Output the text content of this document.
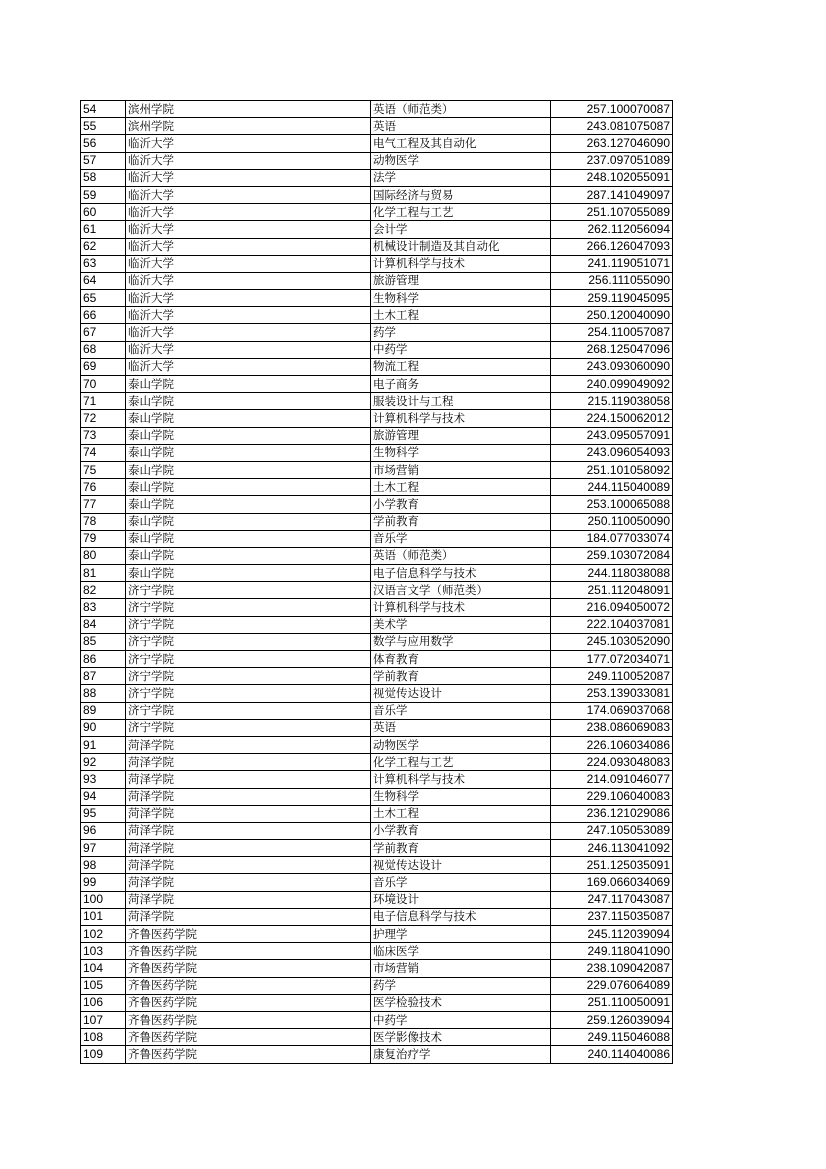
54	滨州学院	英语（师范类）	257.100070087
55	滨州学院	英语	243.081075087
56	临沂大学	电气工程及其自动化	263.127046090
57	临沂大学	动物医学	237.097051089
58	临沂大学	法学	248.102055091
59	临沂大学	国际经济与贸易	287.141049097
60	临沂大学	化学工程与工艺	251.107055089
61	临沂大学	会计学	262.112056094
62	临沂大学	机械设计制造及其自动化	266.126047093
63	临沂大学	计算机科学与技术	241.119051071
64	临沂大学	旅游管理	256.111055090
65	临沂大学	生物科学	259.119045095
66	临沂大学	土木工程	250.120040090
67	临沂大学	药学	254.110057087
68	临沂大学	中药学	268.125047096
69	临沂大学	物流工程	243.093060090
70	泰山学院	电子商务	240.099049092
71	泰山学院	服装设计与工程	215.119038058
72	泰山学院	计算机科学与技术	224.150062012
73	泰山学院	旅游管理	243.095057091
74	泰山学院	生物科学	243.096054093
75	泰山学院	市场营销	251.101058092
76	泰山学院	土木工程	244.115040089
77	泰山学院	小学教育	253.100065088
78	泰山学院	学前教育	250.110050090
79	泰山学院	音乐学	184.077033074
80	泰山学院	英语（师范类）	259.103072084
81	泰山学院	电子信息科学与技术	244.118038088
82	济宁学院	汉语言文学（师范类）	251.112048091
83	济宁学院	计算机科学与技术	216.094050072
84	济宁学院	美术学	222.104037081
85	济宁学院	数学与应用数学	245.103052090
86	济宁学院	体育教育	177.072034071
87	济宁学院	学前教育	249.110052087
88	济宁学院	视觉传达设计	253.139033081
89	济宁学院	音乐学	174.069037068
90	济宁学院	英语	238.086069083
91	菏泽学院	动物医学	226.106034086
92	菏泽学院	化学工程与工艺	224.093048083
93	菏泽学院	计算机科学与技术	214.091046077
94	菏泽学院	生物科学	229.106040083
95	菏泽学院	土木工程	236.121029086
96	菏泽学院	小学教育	247.105053089
97	菏泽学院	学前教育	246.113041092
98	菏泽学院	视觉传达设计	251.125035091
99	菏泽学院	音乐学	169.066034069
100	菏泽学院	环境设计	247.117043087
101	菏泽学院	电子信息科学与技术	237.115035087
102	齐鲁医药学院	护理学	245.112039094
103	齐鲁医药学院	临床医学	249.118041090
104	齐鲁医药学院	市场营销	238.109042087
105	齐鲁医药学院	药学	229.076064089
106	齐鲁医药学院	医学检验技术	251.110050091
107	齐鲁医药学院	中药学	259.126039094
108	齐鲁医药学院	医学影像技术	249.115046088
109	齐鲁医药学院	康复治疗学	240.114040086
